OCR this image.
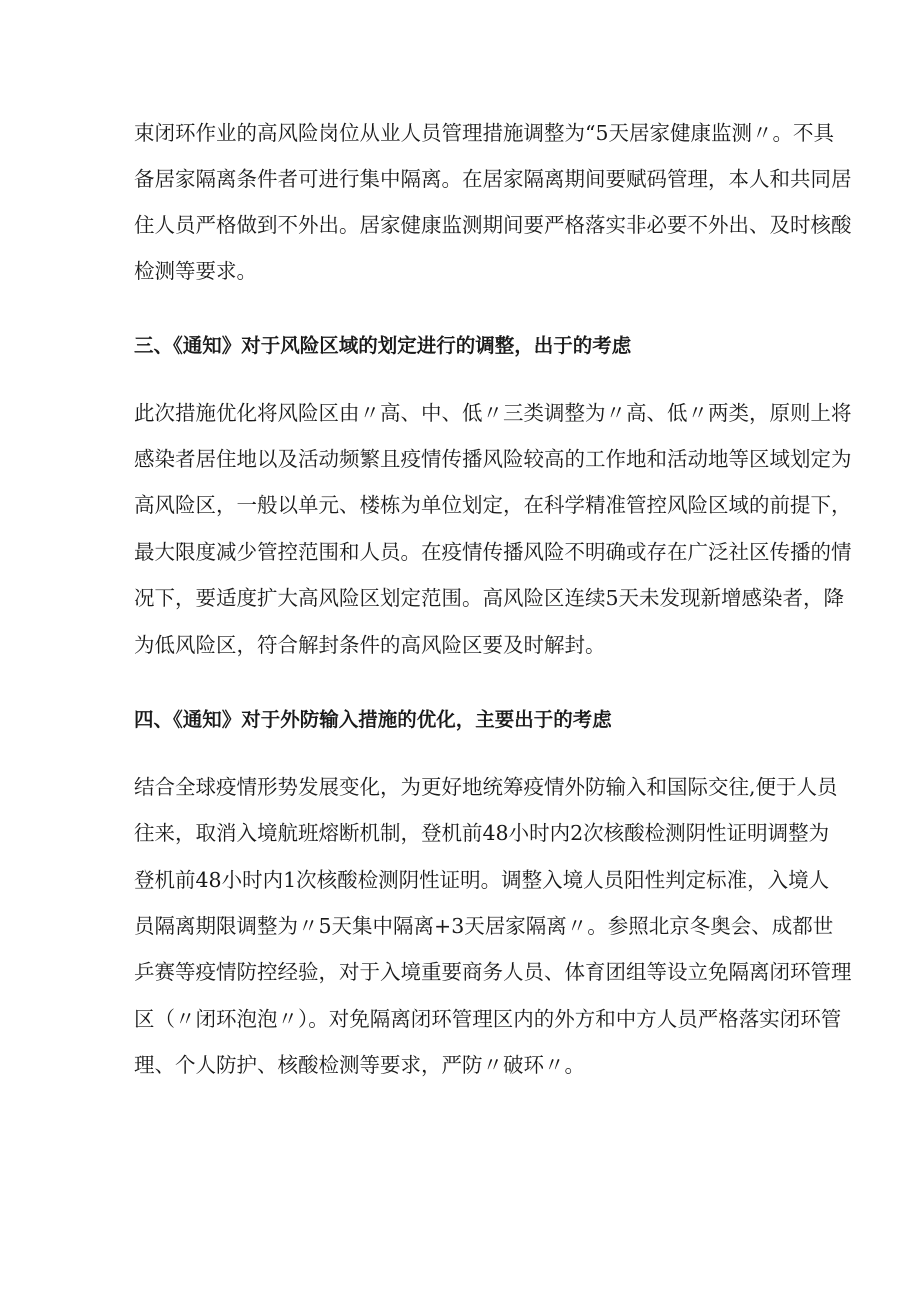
束闭环作业的高风险岗位从业人员管理措施调整为“5天居家健康监测〃。不具
备居家隔离条件者可进行集中隔离。在居家隔离期间要赋码管理，本人和共同居
住人员严格做到不外出。居家健康监测期间要严格落实非必要不外出、及时核酸
检测等要求。
三、《通知》对于风险区域的划定进行的调整，出于的考虑
此次措施优化将风险区由〃高、中、低〃三类调整为〃高、低〃两类，原则上将
感染者居住地以及活动频繁且疫情传播风险较高的工作地和活动地等区域划定为
高风险区，一般以单元、楼栋为单位划定，在科学精准管控风险区域的前提下，
最大限度减少管控范围和人员。在疫情传播风险不明确或存在广泛社区传播的情
况下，要适度扩大高风险区划定范围。高风险区连续5天未发现新增感染者，降
为低风险区，符合解封条件的高风险区要及时解封。
四、《通知》对于外防输入措施的优化，主要出于的考虑
结合全球疫情形势发展变化，为更好地统筹疫情外防输入和国际交往,便于人员
往来，取消入境航班熔断机制，登机前48小时内2次核酸检测阴性证明调整为
登机前48小时内1次核酸检测阴性证明。调整入境人员阳性判定标准，入境人
员隔离期限调整为〃5天集中隔离+3天居家隔离〃。参照北京冬奥会、成都世
乒赛等疫情防控经验，对于入境重要商务人员、体育团组等设立免隔离闭环管理
区（〃闭环泡泡〃）。对免隔离闭环管理区内的外方和中方人员严格落实闭环管
理、个人防护、核酸检测等要求，严防〃破环〃。
